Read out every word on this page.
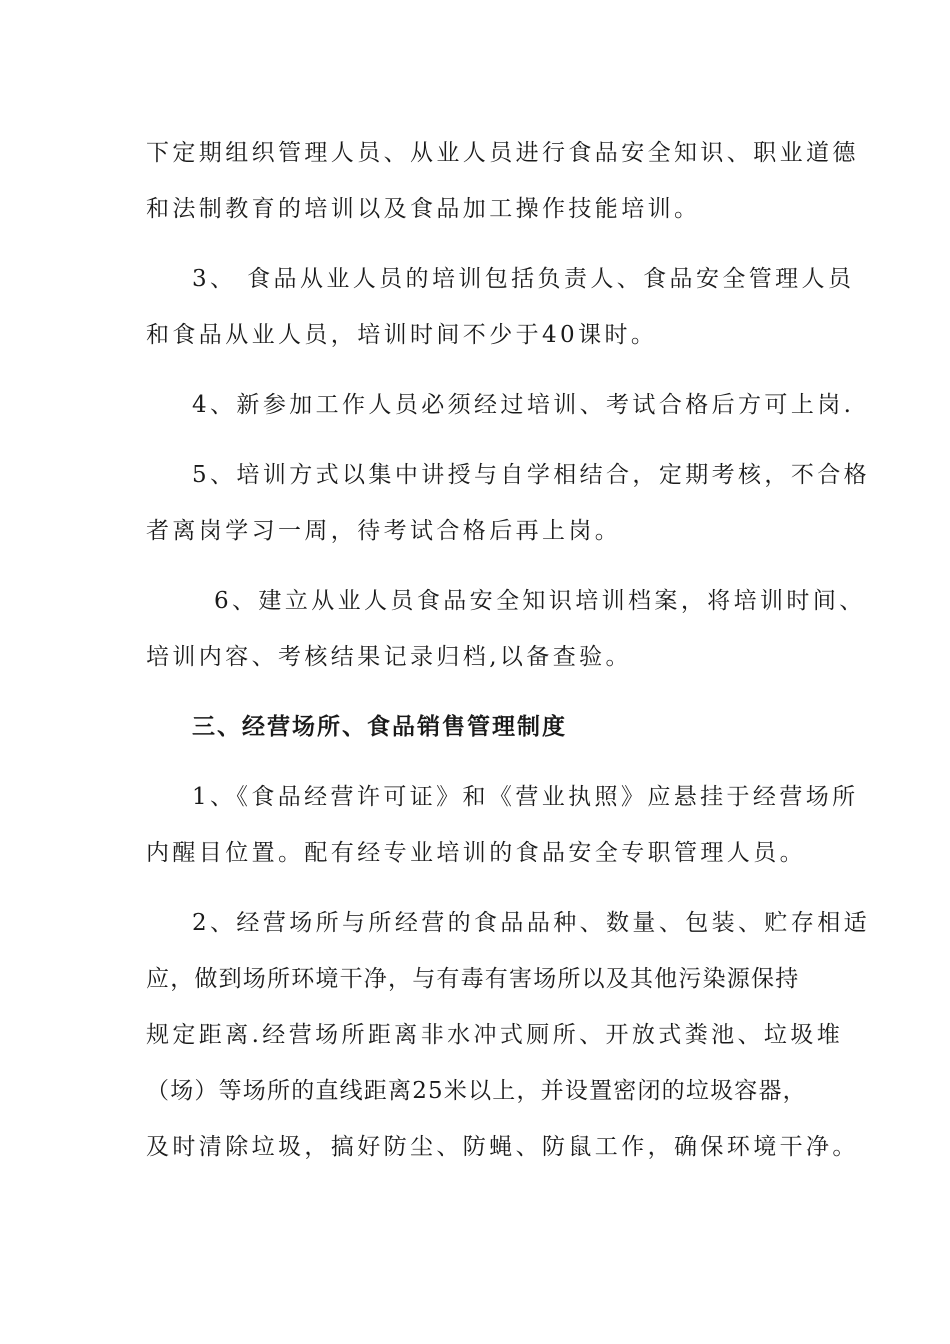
下定期组织管理人员、从业人员进行食品安全知识、职业道德
和法制教育的培训以及食品加工操作技能培训。
3、 食品从业人员的培训包括负责人、食品安全管理人员
和食品从业人员，培训时间不少于40课时。
4、新参加工作人员必须经过培训、考试合格后方可上岗.
5、培训方式以集中讲授与自学相结合，定期考核，不合格
者离岗学习一周，待考试合格后再上岗。
6、建立从业人员食品安全知识培训档案，将培训时间、
培训内容、考核结果记录归档,以备查验。
三、经营场所、食品销售管理制度
1、《食品经营许可证》和《营业执照》应悬挂于经营场所
内醒目位置。配有经专业培训的食品安全专职管理人员。
2、经营场所与所经营的食品品种、数量、包装、贮存相适
应，做到场所环境干净，与有毒有害场所以及其他污染源保持
规定距离.经营场所距离非水冲式厕所、开放式粪池、垃圾堆
（场）等场所的直线距离25米以上，并设置密闭的垃圾容器，
及时清除垃圾，搞好防尘、防蝇、防鼠工作，确保环境干净。
